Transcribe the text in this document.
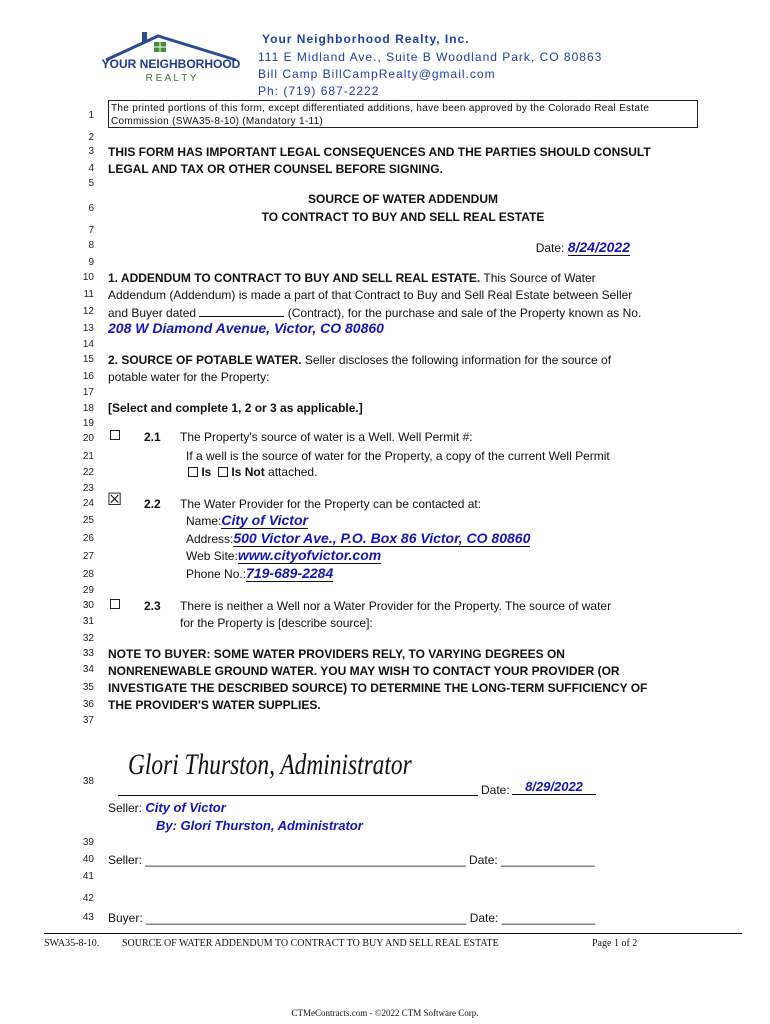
YOUR NEIGHBORHOOD
R E A L T Y
Your Neighborhood Realty, Inc.
111 E Midland Ave., Suite B Woodland Park, CO 80863
Bill Camp BillCampRealty@gmail.com
Ph: (719) 687-2222
The printed portions of this form, except differentiated additions, have been approved by the Colorado Real Estate
Commission (SWA35-8-10) (Mandatory 1-11)
1
2
3
4
5
6
7
8
9
10
11
12
13
14
15
16
17
18
19
20
21
22
23
24
25
26
27
28
29
30
31
32
33
34
35
36
37
38
39
40
41
42
43
THIS FORM HAS IMPORTANT LEGAL CONSEQUENCES AND THE PARTIES SHOULD CONSULT
LEGAL AND TAX OR OTHER COUNSEL BEFORE SIGNING.
SOURCE OF WATER ADDENDUM
TO CONTRACT TO BUY AND SELL REAL ESTATE
Date: 8/24/2022
1. ADDENDUM TO CONTRACT TO BUY AND SELL REAL ESTATE. This Source of Water
Addendum (Addendum) is made a part of that Contract to Buy and Sell Real Estate between Seller
and Buyer dated	(Contract), for the purchase and sale of the Property known as No.
208 W Diamond Avenue, Victor, CO 80860
2. SOURCE OF POTABLE WATER. Seller discloses the following information for the source of
potable water for the Property:
[Select and complete 1, 2 or 3 as applicable.]
2.1 The Property's source of water is a Well. Well Permit #:
If a well is the source of water for the Property, a copy of the current Well Permit
Is Is Not attached.
☒ 2.2 The Water Provider for the Property can be contacted at:
Name:City of Victor
Address:500 Victor Ave., P.O. Box 86 Victor, CO 80860
Web Site:www.cityofvictor.com
Phone No.:719-689-2284
2.3 There is neither a Well nor a Water Provider for the Property. The source of water
for the Property is [describe source]:
NOTE TO BUYER: SOME WATER PROVIDERS RELY, TO VARYING DEGREES ON
NONRENEWABLE GROUND WATER. YOU MAY WISH TO CONTACT YOUR PROVIDER (OR
INVESTIGATE THE DESCRIBED SOURCE) TO DETERMINE THE LONG-TERM SUFFICIENCY OF
THE PROVIDER'S WATER SUPPLIES.
Glori Thurston, Administrator
Date:	8/29/2022
Seller: City of Victor
By: Glori Thurston, Administrator
Seller: ________________________________________________ Date: ______________
Buyer: ________________________________________________ Date: ______________
SWA35-8-10. SOURCE OF WATER ADDENDUM TO CONTRACT TO BUY AND SELL REAL ESTATE	Page 1 of 2
CTMeContracts.com - ©2022 CTM Software Corp.
